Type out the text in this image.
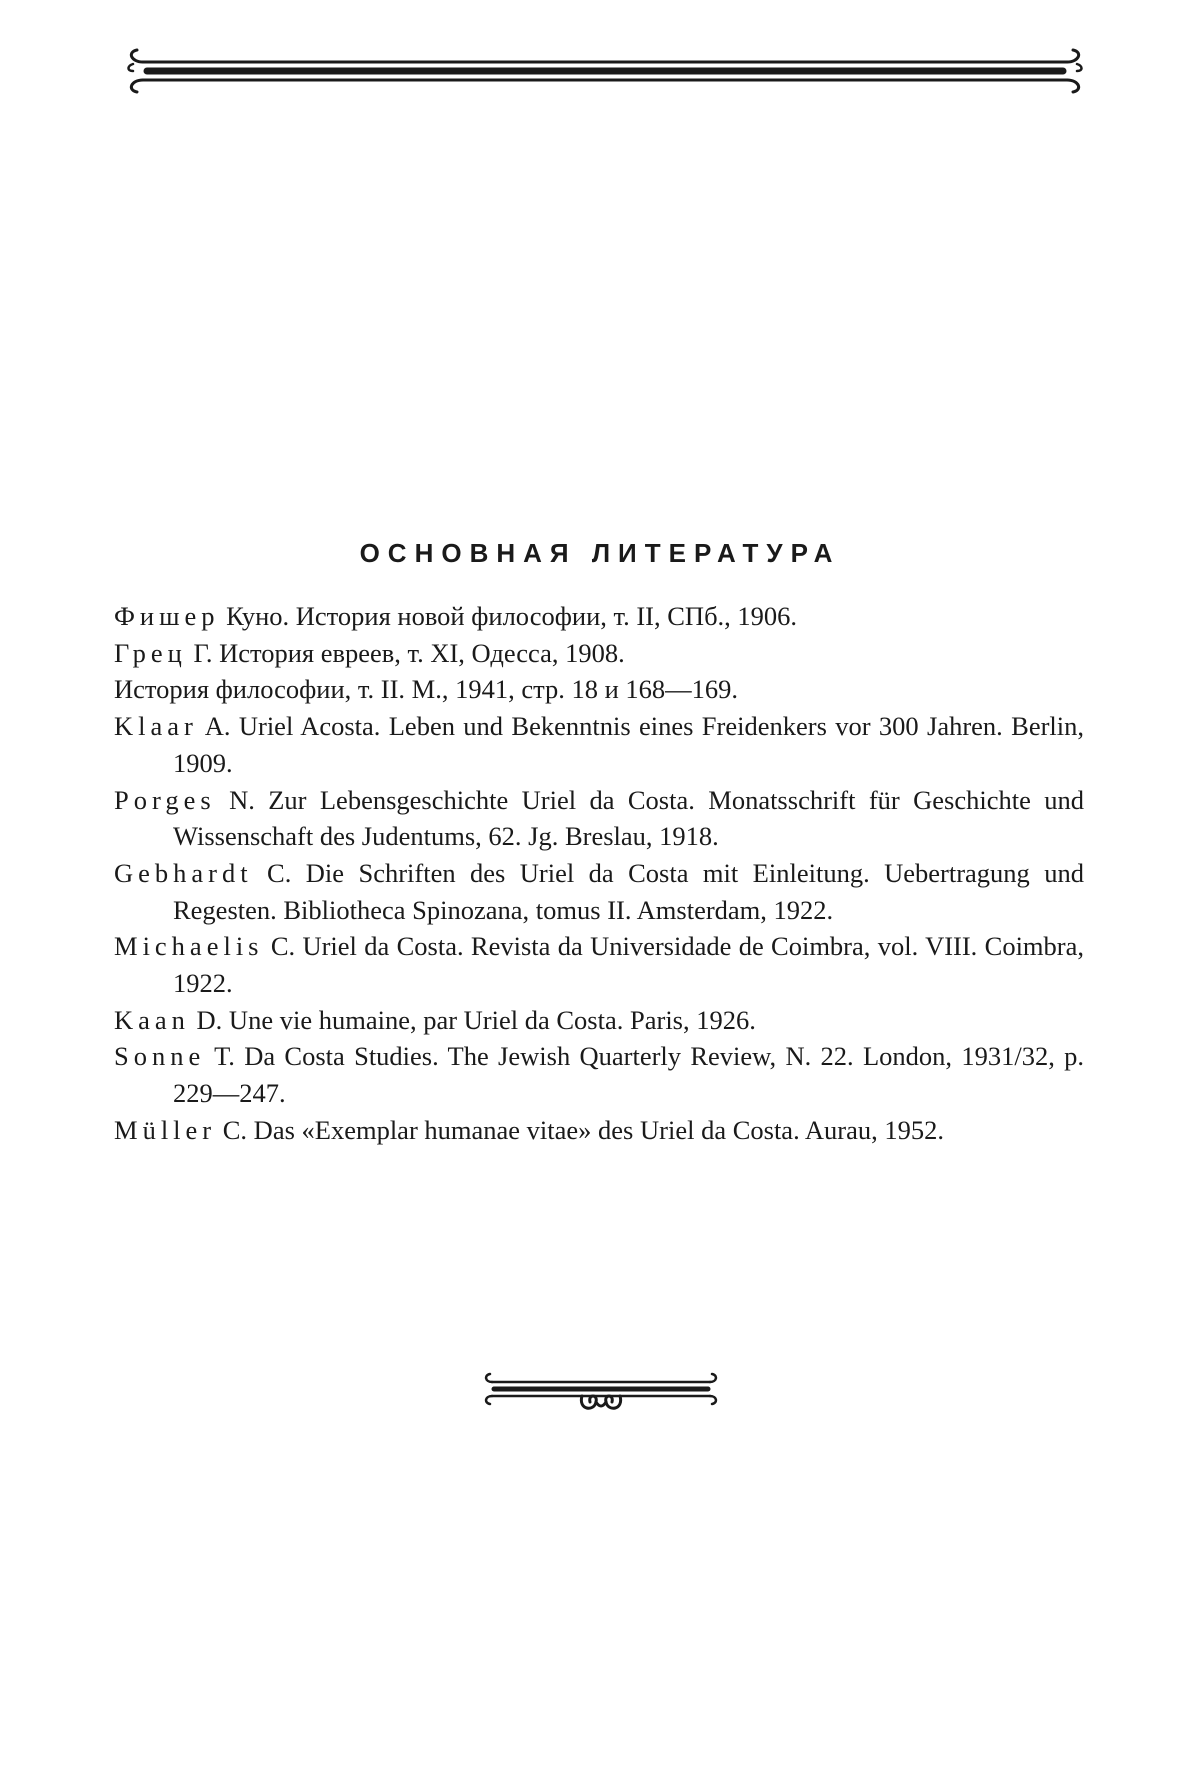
ОСНОВНАЯ ЛИТЕРАТУРА
Фишер Куно. История новой философии, т. II, СПб., 1906.
Грец Г. История евреев, т. XI, Одесса, 1908.
История философии, т. II. М., 1941, стр. 18 и 168—169.
Klaar A. Uriel Acosta. Leben und Bekenntnis eines Freidenkers vor 300 Jahren. Berlin, 1909.
Porges N. Zur Lebensgeschichte Uriel da Costa. Monatsschrift für Geschichte und Wissenschaft des Judentums, 62. Jg. Breslau, 1918.
Gebhardt C. Die Schriften des Uriel da Costa mit Einleitung. Uebertragung und Regesten. Bibliotheca Spinozana, tomus II. Amsterdam, 1922.
Michaelis C. Uriel da Costa. Revista da Universidade de Coimbra, vol. VIII. Coimbra, 1922.
Kaan D. Une vie humaine, par Uriel da Costa. Paris, 1926.
Sonne T. Da Costa Studies. The Jewish Quarterly Review, N. 22. London, 1931/32, p. 229—247.
Müller C. Das «Exemplar humanae vitae» des Uriel da Costa. Aurau, 1952.
